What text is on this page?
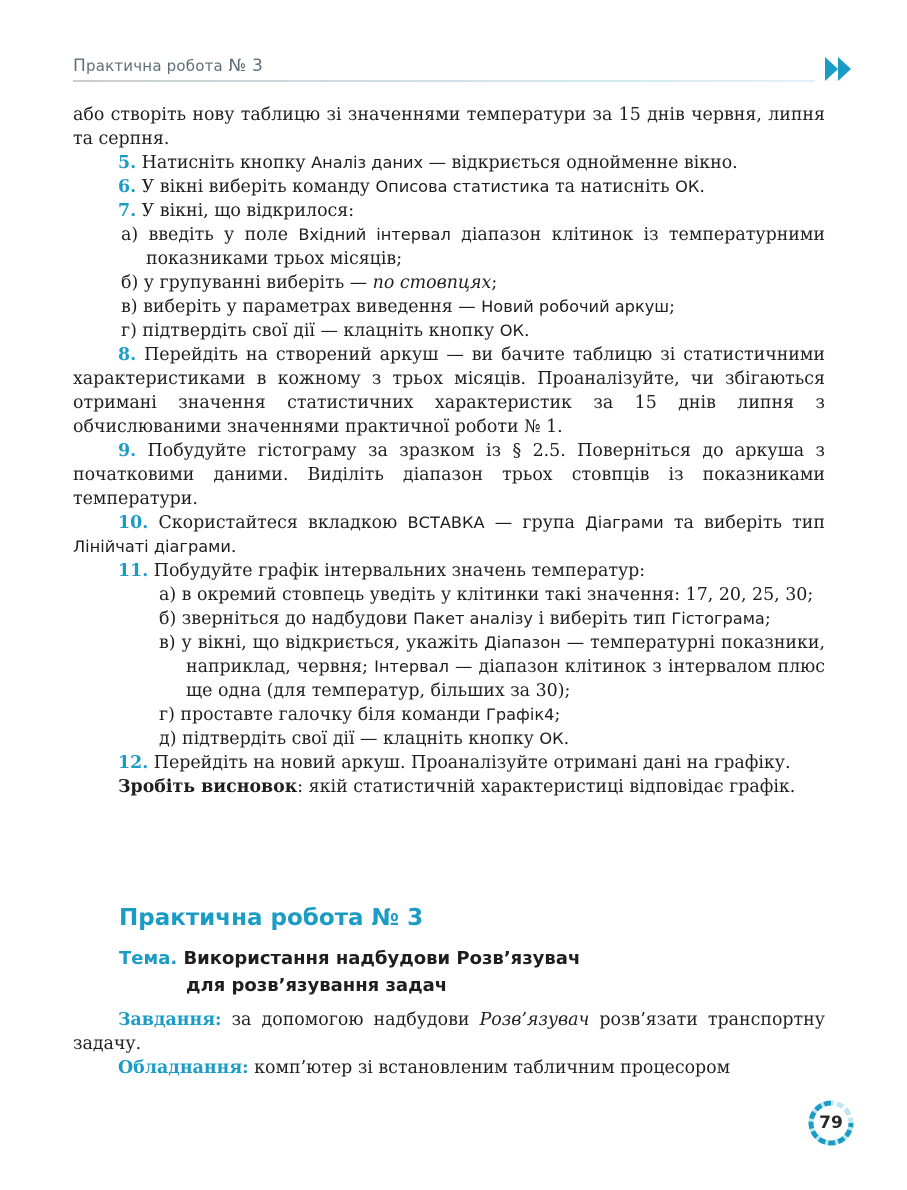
Практична робота № 3

або створіть нову таблицю зі значеннями температури за 15 днів червня, липня та серпня.

5. Натисніть кнопку Аналіз даних — відкриється однойменне вікно.

6. У вікні виберіть команду Описова статистика та натисніть ОК.

7. У вікні, що відкрилося:

а) введіть у поле Вхідний інтервал діапазон клітинок із температурними показниками трьох місяців;

б) у групуванні виберіть — по стовпцях;

в) виберіть у параметрах виведення — Новий робочий аркуш;

г) підтвердіть свої дії — клацніть кнопку ОК.

8. Перейдіть на створений аркуш — ви бачите таблицю зі статистичними характеристиками в кожному з трьох місяців. Проаналізуйте, чи збігаються отримані значення статистичних характеристик за 15 днів липня з обчислюваними значеннями практичної роботи № 1.

9. Побудуйте гістограму за зразком із § 2.5. Поверніться до аркуша з початковими даними. Виділіть діапазон трьох стовпців із показниками температури.

10. Скористайтеся вкладкою ВСТАВКА — група Діаграми та виберіть тип Лінійчаті діаграми.

11. Побудуйте графік інтервальних значень температур:

а) в окремий стовпець уведіть у клітинки такі значення: 17, 20, 25, 30;

б) зверніться до надбудови Пакет аналізу і виберіть тип Гістограма;

в) у вікні, що відкриється, укажіть Діапазон — температурні показники, наприклад, червня; Інтервал — діапазон клітинок з інтервалом плюс ще одна (для температур, більших за 30);

г) проставте галочку біля команди Графік4;

д) підтвердіть свої дії — клацніть кнопку ОК.

12. Перейдіть на новий аркуш. Проаналізуйте отримані дані на графіку.

Зробіть висновок: якій статистичній характеристиці відповідає графік.

Практична робота № 3
Тема. Використання надбудови Розв’язувач
для розв’язування задач

Завдання: за допомогою надбудови Розв’язувач розв’язати транспортну задачу.

Обладнання: комп’ютер зі встановленим табличним процесором

79
